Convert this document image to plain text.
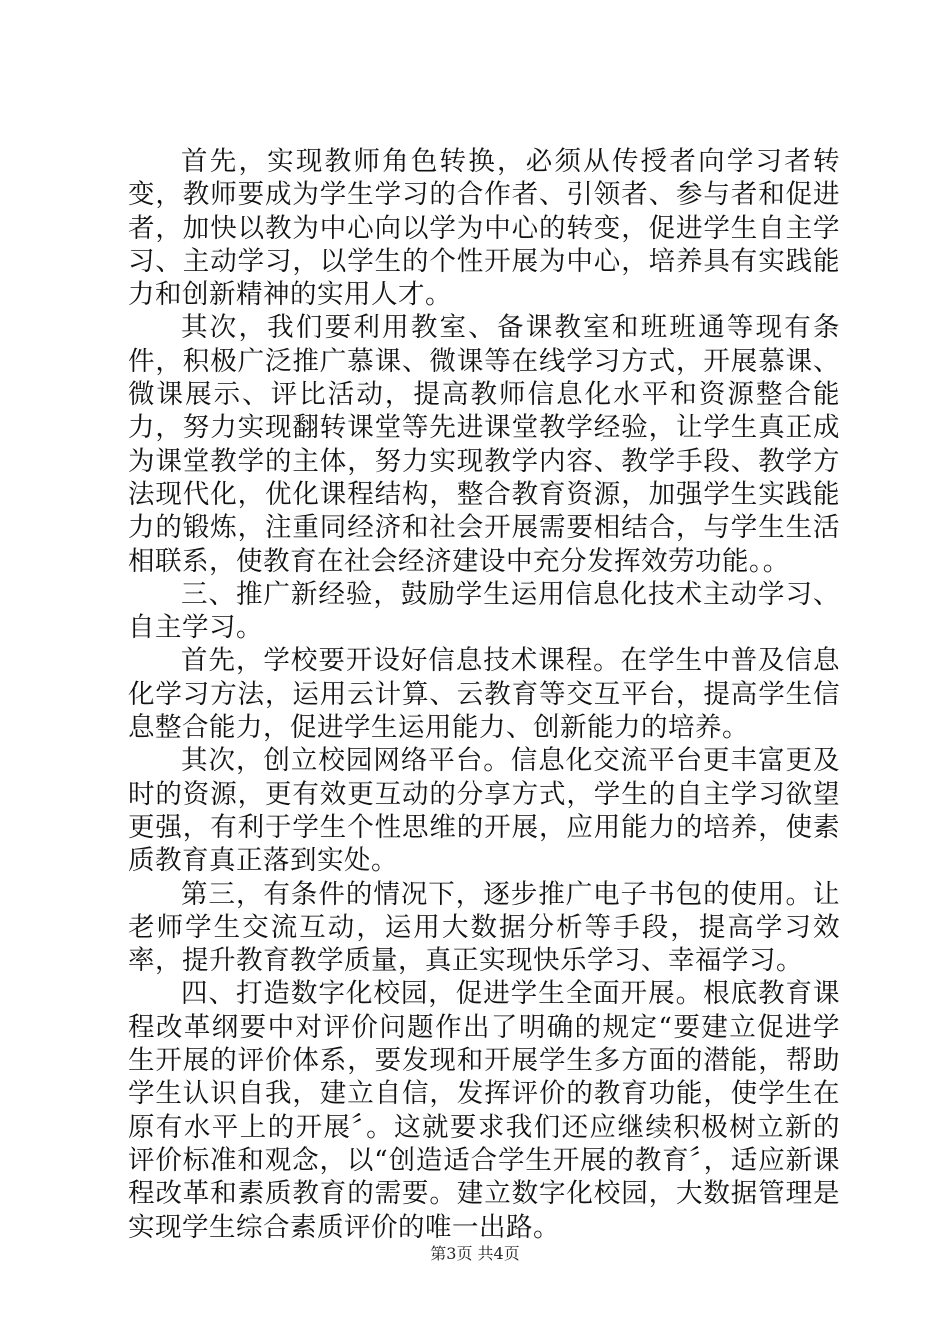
首先，实现教师角色转换，必须从传授者向学习者转变，教师要成为学生学习的合作者、引领者、参与者和促进者，加快以教为中心向以学为中心的转变，促进学生自主学习、主动学习，以学生的个性开展为中心，培养具有实践能力和创新精神的实用人才。

其次，我们要利用教室、备课教室和班班通等现有条件，积极广泛推广慕课、微课等在线学习方式，开展慕课、微课展示、评比活动，提高教师信息化水平和资源整合能力，努力实现翻转课堂等先进课堂教学经验，让学生真正成为课堂教学的主体，努力实现教学内容、教学手段、教学方法现代化，优化课程结构，整合教育资源，加强学生实践能力的锻炼，注重同经济和社会开展需要相结合，与学生生活相联系，使教育在社会经济建设中充分发挥效劳功能。。

三、推广新经验，鼓励学生运用信息化技术主动学习、自主学习。

首先，学校要开设好信息技术课程。在学生中普及信息化学习方法，运用云计算、云教育等交互平台，提高学生信息整合能力，促进学生运用能力、创新能力的培养。

其次，创立校园网络平台。信息化交流平台更丰富更及时的资源，更有效更互动的分享方式，学生的自主学习欲望更强，有利于学生个性思维的开展，应用能力的培养，使素质教育真正落到实处。

第三，有条件的情况下，逐步推广电子书包的使用。让老师学生交流互动，运用大数据分析等手段，提高学习效率，提升教育教学质量，真正实现快乐学习、幸福学习。

四、打造数字化校园，促进学生全面开展。根底教育课程改革纲要中对评价问题作出了明确的规定“要建立促进学生开展的评价体系，要发现和开展学生多方面的潜能，帮助学生认识自我，建立自信，发挥评价的教育功能，使学生在原有水平上的开展〞。这就要求我们还应继续积极树立新的评价标准和观念，以“创造适合学生开展的教育〞，适应新课程改革和素质教育的需要。建立数字化校园，大数据管理是实现学生综合素质评价的唯一出路。

第3页 共4页
